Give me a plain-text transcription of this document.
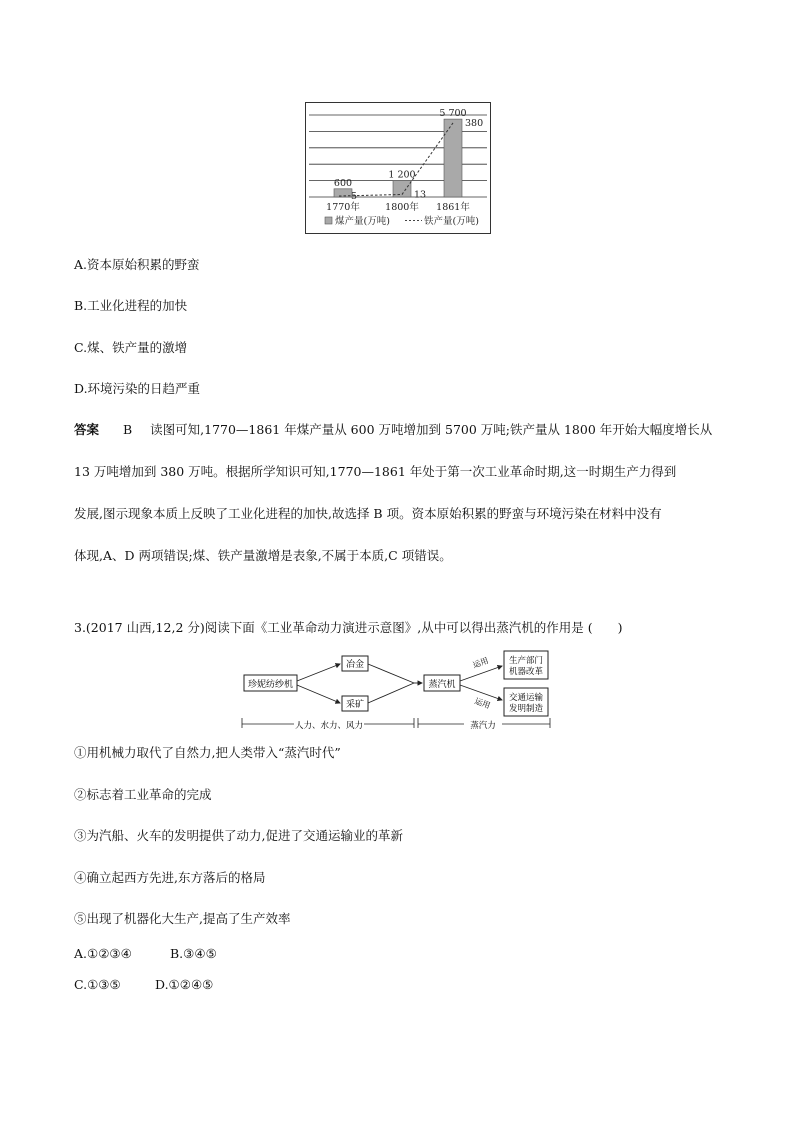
600
1 200
5 700
5	13
380
1770年	1800年 1861年
煤产量(万吨)	铁产量(万吨)
A.资本原始积累的野蛮
B.工业化进程的加快
C.煤、铁产量的激增
D.环境污染的日趋严重
答案 B 读图可知,1770—1861 年煤产量从 600 万吨增加到 5700 万吨;铁产量从 1800 年开始大幅度增长从
13 万吨增加到 380 万吨。根据所学知识可知,1770—1861 年处于第一次工业革命时期,这一时期生产力得到
发展,图示现象本质上反映了工业化进程的加快,故选择 B 项。资本原始积累的野蛮与环境污染在材料中没有
体现,A、D 两项错误;煤、铁产量激增是表象,不属于本质,C 项错误。
3.(2017 山西,12,2 分)阅读下面《工业革命动力演进示意图》,从中可以得出蒸汽机的作用是 (　　)
珍妮纺纱机
冶金
采矿
蒸汽机
生产部门
机器改革
交通运输
发明制造
运用
运用
人力、水力、风力	蒸汽力
①用机械力取代了自然力,把人类带入“蒸汽时代”
②标志着工业革命的完成
③为汽船、火车的发明提供了动力,促进了交通运输业的革新
④确立起西方先进,东方落后的格局
⑤出现了机器化大生产,提高了生产效率
A.①②③④	B.③④⑤
C.①③⑤	D.①②④⑤
